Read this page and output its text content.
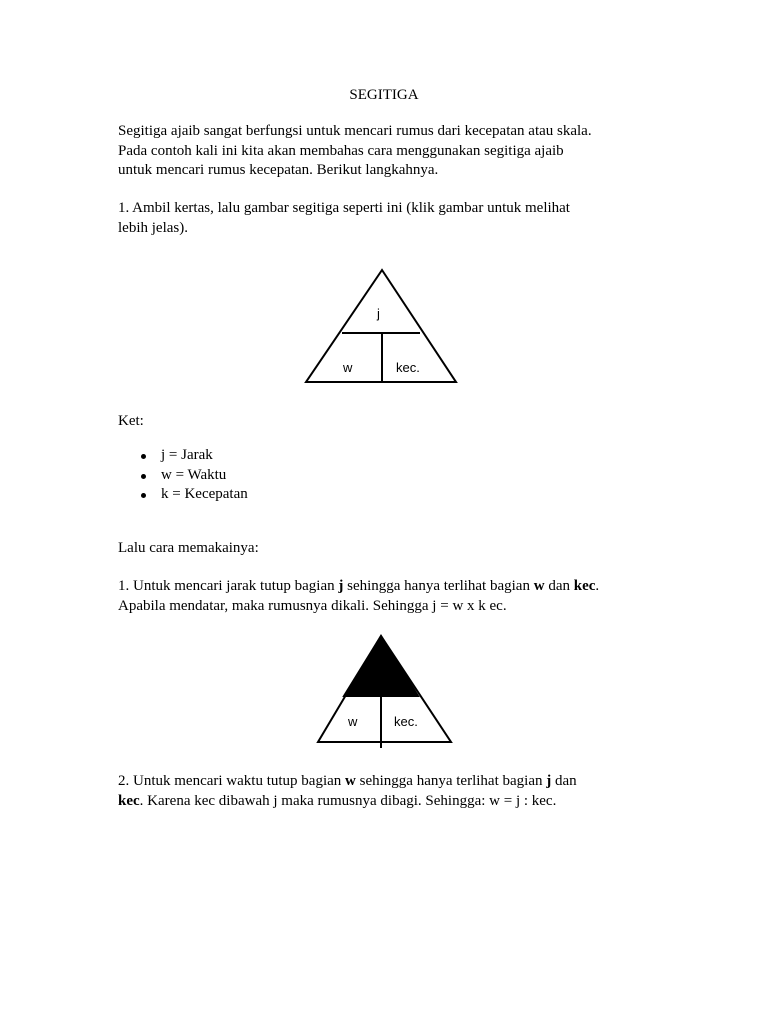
SEGITIGA

Segitiga ajaib sangat berfungsi untuk mencari rumus dari kecepatan atau skala.
Pada contoh kali ini kita akan membahas cara menggunakan segitiga ajaib
untuk mencari rumus kecepatan. Berikut langkahnya.

1. Ambil kertas, lalu gambar segitiga seperti ini (klik gambar untuk melihat
lebih jelas).

j
w	kec.
Ket:
j = Jarak
w = Waktu
k = Kecepatan
Lalu cara memakainya:

1. Untuk mencari jarak tutup bagian j sehingga hanya terlihat bagian w dan kec.
Apabila mendatar, maka rumusnya dikali. Sehingga j = w x k ec.

w	kec.

2. Untuk mencari waktu tutup bagian w sehingga hanya terlihat bagian j dan
kec. Karena kec dibawah j maka rumusnya dibagi. Sehingga: w = j : kec.
